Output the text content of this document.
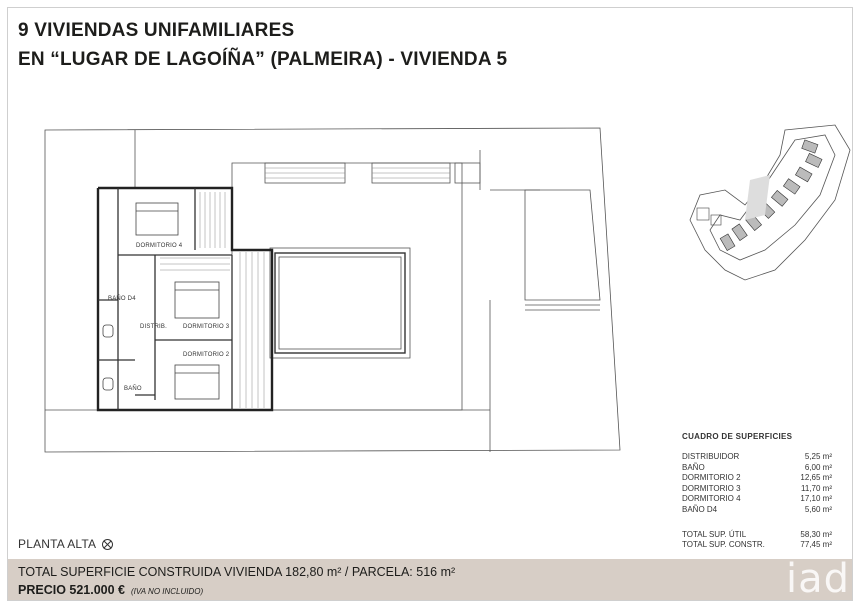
9 VIVIENDAS UNIFAMILIARES
EN “LUGAR DE LAGOÍÑA” (PALMEIRA) - VIVIENDA 5
DORMITORIO 4
BAÑO D4
DISTRIB.	DORMITORIO 3
DORMITORIO 2
BAÑO
CUADRO DE SUPERFICIES
DISTRIBUIDOR	5,25 m²
BAÑO	6,00 m²
DORMITORIO 2	12,65 m²
DORMITORIO 3	11,70 m²
DORMITORIO 4	17,10 m²
BAÑO D4	5,60 m²
TOTAL SUP. ÚTIL	58,30 m²
TOTAL SUP. CONSTR.	77,45 m²
PLANTA ALTA
TOTAL SUPERFICIE CONSTRUIDA VIVIENDA 182,80 m² / PARCELA: 516 m²
PRECIO 521.000 € (IVA NO INCLUIDO)	iad
